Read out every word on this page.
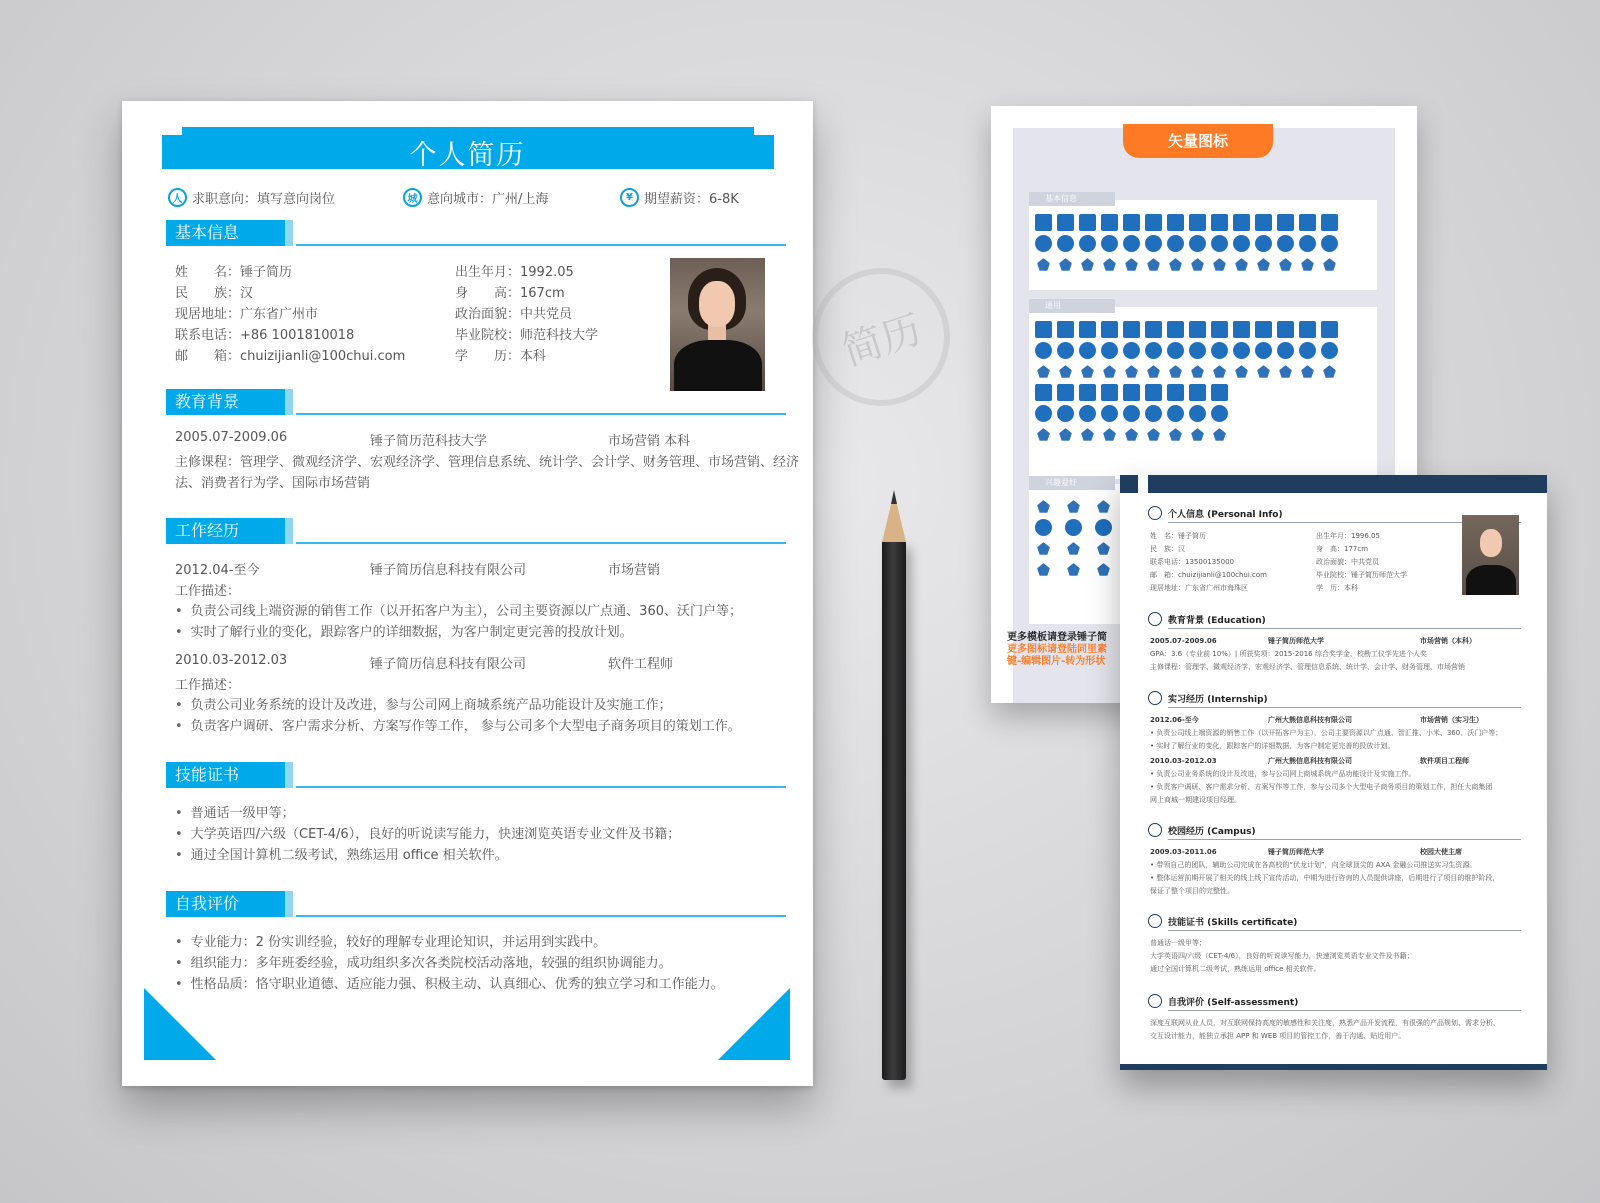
个人简历
人 求职意向：填写意向岗位	城 意向城市：广州/上海	¥ 期望薪资：6-8K
基本信息
姓　　名：锤子简历
民　　族：汉
现居地址：广东省广州市
联系电话：+86 1001810018
邮　　箱：chuizijianli@100chui.com
出生年月：1992.05
身　　高：167cm
政治面貌：中共党员
毕业院校：师范科技大学
学　　历：本科
教育背景
2005.07-2009.06	锤子简历范科技大学	市场营销 本科
主修课程：管理学、微观经济学、宏观经济学、管理信息系统、统计学、会计学、财务管理、市场营销、经济
法、消费者行为学、国际市场营销
工作经历
2012.04-至今	锤子简历信息科技有限公司	市场营销
工作描述：
• 负责公司线上端资源的销售工作（以开拓客户为主），公司主要资源以广点通、360、沃门户等；
• 实时了解行业的变化，跟踪客户的详细数据，为客户制定更完善的投放计划。
2010.03-2012.03	锤子简历信息科技有限公司	软件工程师
工作描述：
• 负责公司业务系统的设计及改进，参与公司网上商城系统产品功能设计及实施工作；
• 负责客户调研、客户需求分析、方案写作等工作， 参与公司多个大型电子商务项目的策划工作。
技能证书
• 普通话一级甲等；
• 大学英语四/六级（CET-4/6），良好的听说读写能力，快速浏览英语专业文件及书籍；
• 通过全国计算机二级考试，熟练运用 office 相关软件。
自我评价
• 专业能力：2 份实训经验，较好的理解专业理论知识，并运用到实践中。
• 组织能力：多年班委经验，成功组织多次各类院校活动落地，较强的组织协调能力。
• 性格品质：恪守职业道德、适应能力强、积极主动、认真细心、优秀的独立学习和工作能力。
简历
矢量图标
基本信息
通用
兴趣爱好
更多模板请登录锤子简
更多图标请登陆同里素
键-编辑图片-转为形状
个人信息 (Personal Info)
姓　名：锤子简历
民　族：汉
联系电话：13500135000
邮　箱：chuizijianli@100chui.com
现居地址：广东省广州市海珠区
出生年月：1996.05
身　高：177cm
政治面貌：中共党员
毕业院校：锤子简历师范大学
学　历：本科
教育背景 (Education)
2005.07-2009.06	锤子简历师范大学	市场营销（本科）
GPA：3.6（专业前 10%）| 所获奖项：2015-2016 综合奖学金、校勘工仪学先进个人奖
主修课程：管理学、微观经济学、宏观经济学、管理信息系统、统计学、会计学、财务管理、市场营销
实习经历 (Internship)
2012.06-至今	广州大熊信息科技有限公司	市场营销（实习生）
• 负责公司线上端资源的销售工作（以开拓客户为主），公司主要资源以广点通、智汇推、小米、360、沃门户等；
• 实时了解行业的变化，跟踪客户的详细数据，为客户制定更完善的投放计划。
2010.03-2012.03	广州大熊信息科技有限公司	软件项目工程师
• 负责公司业务系统的设计及改进，参与公司网上商城系统产品功能设计及实施工作。
• 负责客户调研、客户需求分析、方案写作等工作，参与公司多个大型电子商务项目的策划工作，担任大商集团
网上商城一期建设项目经理。
校园经历 (Campus)
2009.03-2011.06	锤子简历师范大学	校园大使主席
• 带领自己的团队，辅助公司完成在各高校的“伏龙计划”，向全球顶尖的 AXA 金融公司推送实习生资源。
• 整体运营前期开展了相关的线上线下宣传活动，中期为进行咨询的人员提供讲座，后期进行了项目的维护阶段，
保证了整个项目的完整性。
技能证书 (Skills certificate)
普通话一级甲等；
大学英语四/六级（CET-4/6），良好的听说读写能力，快速浏览英语专业文件及书籍；
通过全国计算机二级考试，熟练运用 office 相关软件。
自我评价 (Self-assessment)
深度互联网从业人员，对互联网保持高度的敏感性和关注度，熟悉产品开发流程，有很强的产品规划、需求分析、
交互设计能力，能独立承担 APP 和 WEB 项目的管控工作，善于沟通、贴近用户。
